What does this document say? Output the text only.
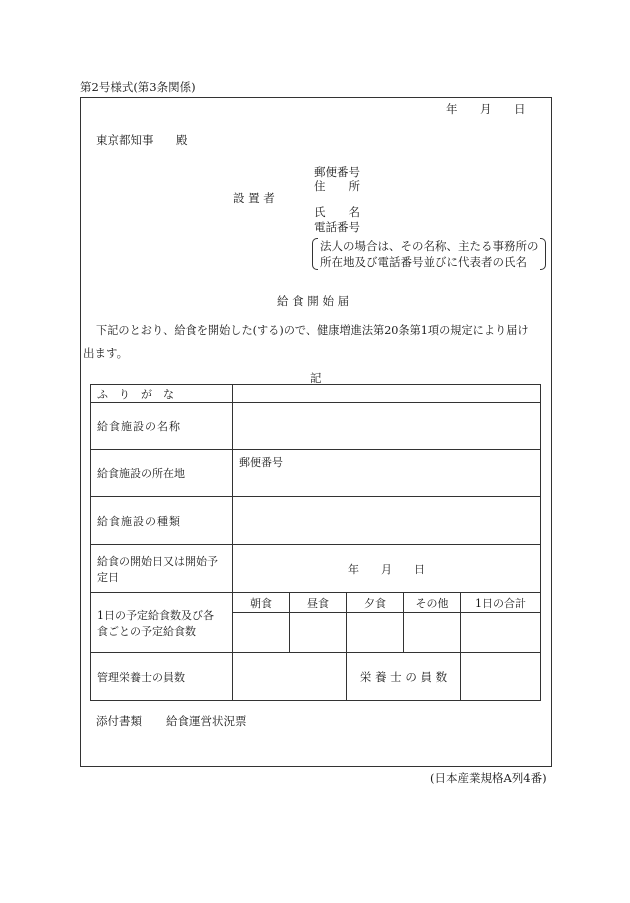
第2号様式(第3条関係)
年 月 日
東京都知事 殿
郵便番号
住　　所
設 置 者
氏　　名
電話番号
法人の場合は、その名称、主たる事務所の
所在地及び電話番号並びに代表者の氏名
給 食 開 始 届
下記のとおり、給食を開始した(する)ので、健康増進法第20条第1項の規定により届け
出ます。
記
ふ　り　が　な					
給食施設の名称					
給食施設の所在地	郵便番号				
給食施設の種類					

給食の開始日又は開始予
定日	年　　月　　日				

1日の予定給食数及び各
食ごとの予定給食数	朝食	昼食	夕食	その他	1日の合計

管理栄養士の員数			栄 養 士 の 員 数		
添付書類 給食運営状況票
(日本産業規格A列4番)
